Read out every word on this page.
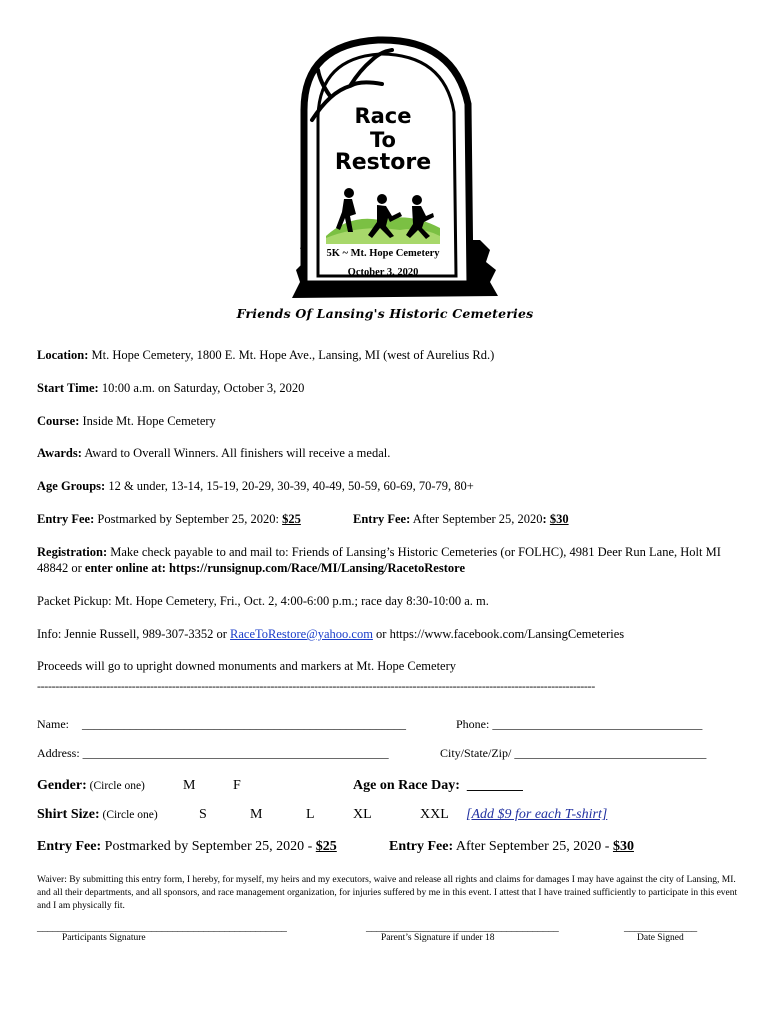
Race
To
Restore
5K ~ Mt. Hope Cemetery
October 3, 2020
Friends Of Lansing's Historic Cemeteries
Location: Mt. Hope Cemetery, 1800 E. Mt. Hope Ave., Lansing, MI (west of Aurelius Rd.)
Start Time: 10:00 a.m. on Saturday, October 3, 2020
Course: Inside Mt. Hope Cemetery
Awards: Award to Overall Winners. All finishers will receive a medal.
Age Groups: 12 & under, 13-14, 15-19, 20-29, 30-39, 40-49, 50-59, 60-69, 70-79, 80+
Entry Fee: Postmarked by September 25, 2020: $25	Entry Fee: After September 25, 2020: $30
Registration: Make check payable to and mail to: Friends of Lansing’s Historic Cemeteries (or FOLHC), 4981 Deer Run Lane, Holt MI 48842 or enter online at: https://runsignup.com/Race/MI/Lansing/RacetoRestore
Packet Pickup: Mt. Hope Cemetery, Fri., Oct. 2, 4:00-6:00 p.m.; race day 8:30-10:00 a. m.
Info: Jennie Russell, 989-307-3352 or RaceToRestore@yahoo.com or https://www.facebook.com/LansingCemeteries
Proceeds will go to upright downed monuments and markers at Mt. Hope Cemetery
---------------------------------------------------------------------------------------------------------------------------------------------------------
Name: ______________________________________________________	Phone: ___________________________________
Address: ___________________________________________________	City/State/Zip/ ________________________________
Gender: (Circle one)	M	F	Age on Race Day: ________
Shirt Size: (Circle one)	S	M	L	XL	XXL [Add $9 for each T-shirt]
Entry Fee: Postmarked by September 25, 2020 - $25	Entry Fee: After September 25, 2020 - $30
Waiver: By submitting this entry form, I hereby, for myself, my heirs and my executors, waive and release all rights and claims for damages I may have against the city of Lansing, MI. and all their departments, and all sponsors, and race management organization, for injuries suffered by me in this event. I attest that I have trained sufficiently to participate in this event and I am physically fit.
________________________________________________	_____________________________________	______________
Participants Signature	Parent’s Signature if under 18	Date Signed
